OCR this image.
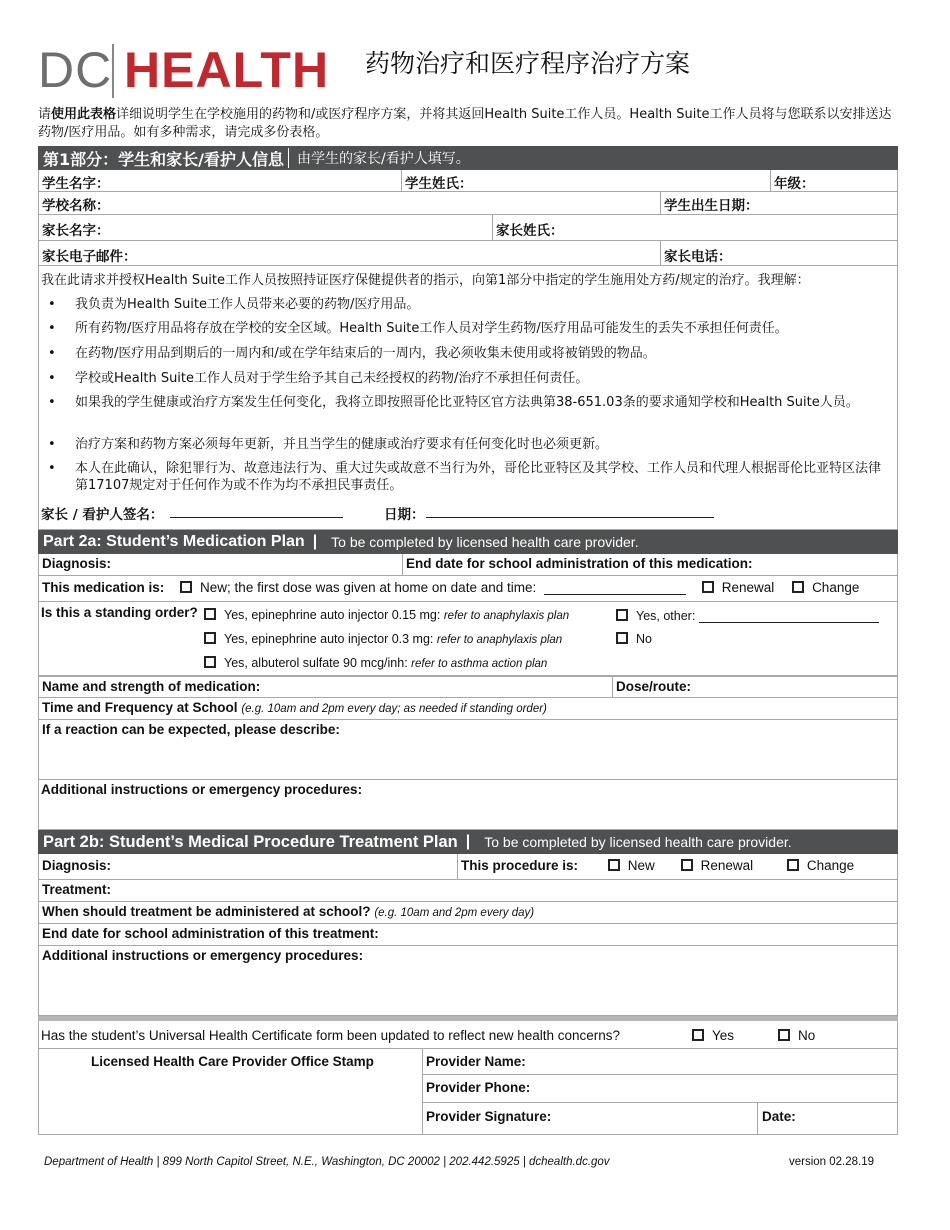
DC HEALTH 药物治疗和医疗程序治疗方案
请使用此表格详细说明学生在学校施用的药物和/或医疗程序方案，并将其返回Health Suite工作人员。Health Suite工作人员将与您联系以安排送达药物/医疗用品。如有多种需求，请完成多份表格。
第1部分：学生和家长/看护人信息 由学生的家长/看护人填写。
学生名字：	学生姓氏：	年级：
学校名称：	学生出生日期：
家长名字：	家长姓氏：
家长电子邮件：	家长电话：
我在此请求并授权Health Suite工作人员按照持证医疗保健提供者的指示，向第1部分中指定的学生施用处方药/规定的治疗。我理解：
•	我负责为Health Suite工作人员带来必要的药物/医疗用品。
•	所有药物/医疗用品将存放在学校的安全区域。Health Suite工作人员对学生药物/医疗用品可能发生的丢失不承担任何责任。
•	在药物/医疗用品到期后的一周内和/或在学年结束后的一周内，我必须收集未使用或将被销毁的物品。
•	学校或Health Suite工作人员对于学生给予其自己未经授权的药物/治疗不承担任何责任。
•	如果我的学生健康或治疗方案发生任何变化，我将立即按照哥伦比亚特区官方法典第38-651.03条的要求通知学校和Health Suite人员。
•	治疗方案和药物方案必须每年更新，并且当学生的健康或治疗要求有任何变化时也必须更新。
•	本人在此确认，除犯罪行为、故意违法行为、重大过失或故意不当行为外，哥伦比亚特区及其学校、工作人员和代理人根据哥伦比亚特区法律第17107规定对于任何作为或不作为均不承担民事责任。
家长 / 看护人签名：	日期：
Part 2a: Student’s Medication Plan | To be completed by licensed health care provider.
Diagnosis:	End date for school administration of this medication:
This medication is:	New; the first dose was given at home on date and time:	Renewal	Change
Is this a standing order?	Yes, epinephrine auto injector 0.15 mg: refer to anaphylaxis plan
Yes, epinephrine auto injector 0.3 mg: refer to anaphylaxis plan
Yes, albuterol sulfate 90 mcg/inh: refer to asthma action plan
Yes, other:
No
Name and strength of medication:	Dose/route:
Time and Frequency at School (e.g. 10am and 2pm every day; as needed if standing order)
If a reaction can be expected, please describe:
Additional instructions or emergency procedures:
Part 2b: Student’s Medical Procedure Treatment Plan | To be completed by licensed health care provider.
Diagnosis:	This procedure is:	New	Renewal	Change
Treatment:
When should treatment be administered at school? (e.g. 10am and 2pm every day)
End date for school administration of this treatment:
Additional instructions or emergency procedures:
Has the student’s Universal Health Certificate form been updated to reflect new health concerns?	Yes	No
Licensed Health Care Provider Office Stamp	Provider Name:
Provider Phone:
Provider Signature:	Date:
Department of Health | 899 North Capitol Street, N.E., Washington, DC 20002 | 202.442.5925 | dchealth.dc.gov	version 02.28.19
